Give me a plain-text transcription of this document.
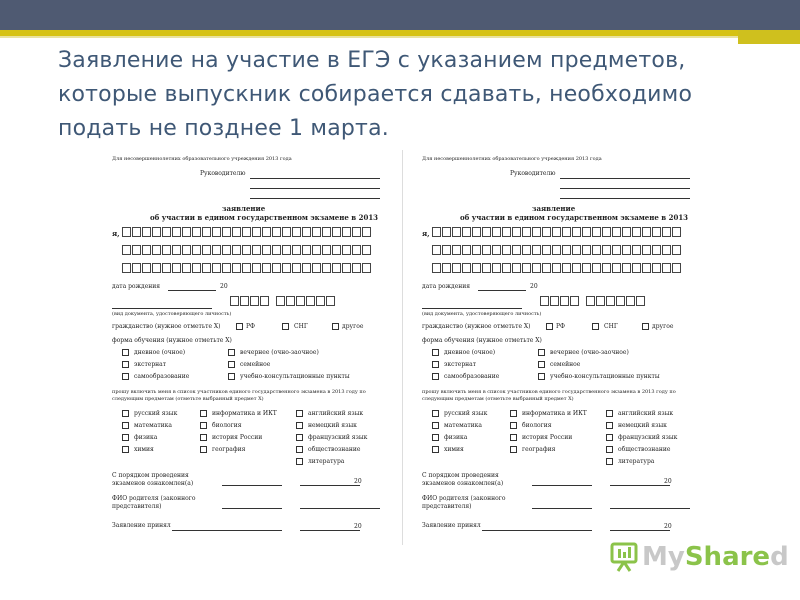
Заявление на участие в ЕГЭ с указанием предметов, которые выпускник собирается сдавать, необходимо подать не позднее 1 марта.
Для несовершеннолетних образовательного учреждения 2013 года
Руководителю
заявление
об участии в едином государственном экзамене в 2013
я,
дата рождения	20
(вид документа, удостоверяющего личность)
гражданство (нужное отметьте X)	РФ	СНГ	другое
форма обучения (нужное отметьте X)
дневное (очное)	вечернее (очно-заочное)
экстернат	семейное
самообразование	учебно-консультационные пункты
прошу включить меня в список участников единого государственного экзамена в 2013 году по следующим предметам (отметьте выбранный предмет X)
русский язык	информатика и ИКТ	английский язык
математика	биология	немецкий язык
физика	история России	французский язык
химия	география	обществознание
литература
С порядком проведения экзаменов ознакомлен(а)	20
ФИО родителя (законного представителя)
Заявление принял	20
Для несовершеннолетних образовательного учреждения 2013 года
Руководителю
заявление
об участии в едином государственном экзамене в 2013
я,
дата рождения	20
(вид документа, удостоверяющего личность)
гражданство (нужное отметьте X)	РФ	СНГ	другое
форма обучения (нужное отметьте X)
дневное (очное)	вечернее (очно-заочное)
экстернат	семейное
самообразование	учебно-консультационные пункты
прошу включить меня в список участников единого государственного экзамена в 2013 году по следующим предметам (отметьте выбранный предмет X)
русский язык	информатика и ИКТ	английский язык
математика	биология	немецкий язык
физика	история России	французский язык
химия	география	обществознание
литература
С порядком проведения экзаменов ознакомлен(а)	20
ФИО родителя (законного представителя)
Заявление принял	20
MyShared
